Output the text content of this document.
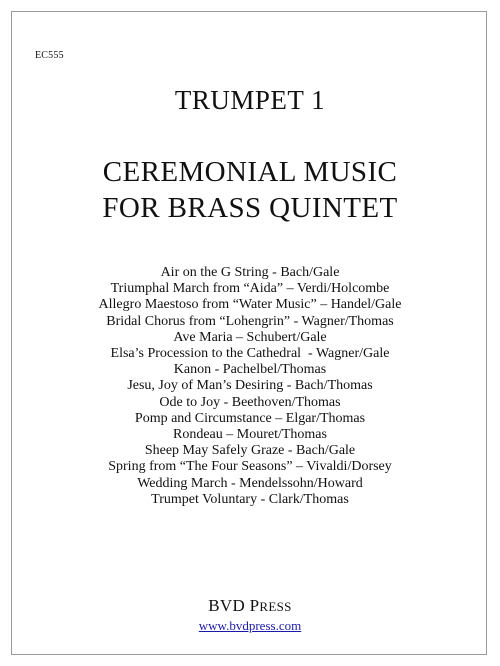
EC555
TRUMPET 1
CEREMONIAL MUSIC
FOR BRASS QUINTET
Air on the G String - Bach/Gale
Triumphal March from “Aida” – Verdi/Holcombe
Allegro Maestoso from “Water Music” – Handel/Gale
Bridal Chorus from “Lohengrin” - Wagner/Thomas
Ave Maria – Schubert/Gale
Elsa’s Procession to the Cathedral  - Wagner/Gale
Kanon - Pachelbel/Thomas
Jesu, Joy of Man’s Desiring - Bach/Thomas
Ode to Joy - Beethoven/Thomas
Pomp and Circumstance – Elgar/Thomas
Rondeau – Mouret/Thomas
Sheep May Safely Graze - Bach/Gale
Spring from “The Four Seasons” – Vivaldi/Dorsey
Wedding March - Mendelssohn/Howard
Trumpet Voluntary - Clark/Thomas
BVD PRESS
www.bvdpress.com
